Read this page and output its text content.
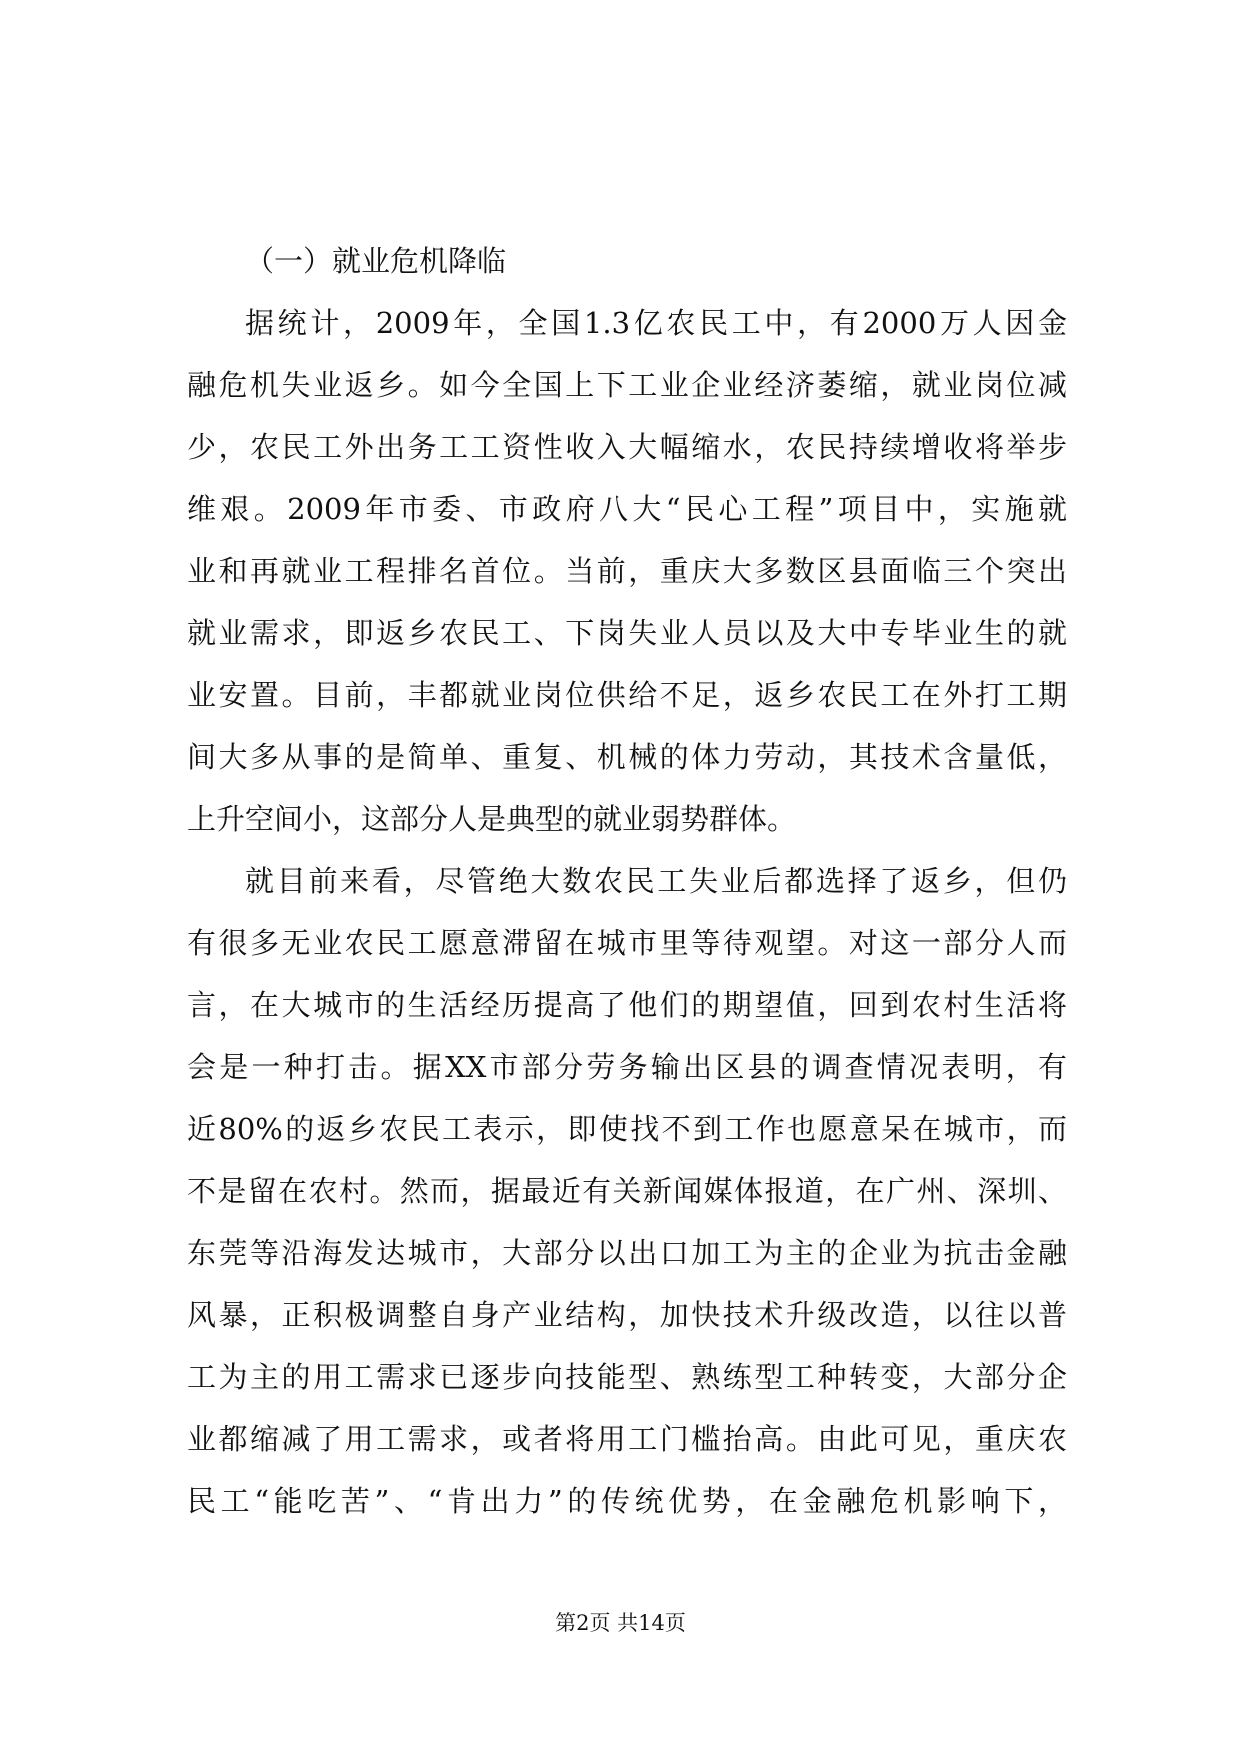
（一）就业危机降临

据统计，2009年，全国1.3亿农民工中，有2000万人因金
融危机失业返乡。如今全国上下工业企业经济萎缩，就业岗位减
少，农民工外出务工工资性收入大幅缩水，农民持续增收将举步
维艰。2009年市委、市政府八大“民心工程”项目中，实施就
业和再就业工程排名首位。当前，重庆大多数区县面临三个突出
就业需求，即返乡农民工、下岗失业人员以及大中专毕业生的就
业安置。目前，丰都就业岗位供给不足，返乡农民工在外打工期
间大多从事的是简单、重复、机械的体力劳动，其技术含量低，
上升空间小，这部分人是典型的就业弱势群体。

就目前来看，尽管绝大数农民工失业后都选择了返乡，但仍
有很多无业农民工愿意滞留在城市里等待观望。对这一部分人而
言，在大城市的生活经历提高了他们的期望值，回到农村生活将
会是一种打击。据XX市部分劳务输出区县的调查情况表明，有
近80%的返乡农民工表示，即使找不到工作也愿意呆在城市，而
不是留在农村。然而，据最近有关新闻媒体报道，在广州、深圳、
东莞等沿海发达城市，大部分以出口加工为主的企业为抗击金融
风暴，正积极调整自身产业结构，加快技术升级改造，以往以普
工为主的用工需求已逐步向技能型、熟练型工种转变，大部分企
业都缩减了用工需求，或者将用工门槛抬高。由此可见，重庆农
民工“能吃苦”、“肯出力”的传统优势，在金融危机影响下，

第2页 共14页
